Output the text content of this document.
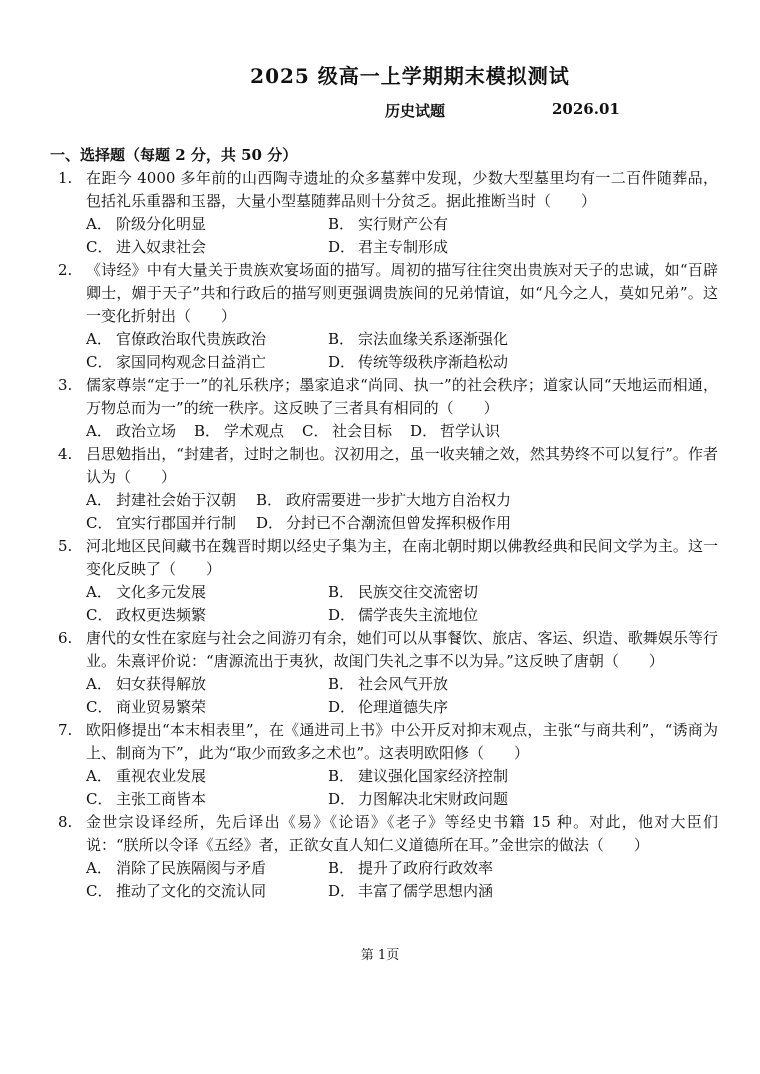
2025 级高一上学期期末模拟测试
历史试题	2026.01
一、选择题（每题 2 分，共 50 分）
1. 在距今 4000 多年前的山西陶寺遗址的众多墓葬中发现，少数大型墓里均有一二百件随葬品，包括礼乐重器和玉器，大量小型墓随葬品则十分贫乏。据此推断当时（　　）
A． 阶级分化明显	B． 实行财产公有
C． 进入奴隶社会	D． 君主专制形成
2. 《诗经》中有大量关于贵族欢宴场面的描写。周初的描写往往突出贵族对天子的忠诚，如“百辟卿士，媚于天子”共和行政后的描写则更强调贵族间的兄弟情谊，如“凡今之人，莫如兄弟”。这一变化折射出（　　）
A． 官僚政治取代贵族政治	B． 宗法血缘关系逐渐强化
C． 家国同构观念日益消亡	D． 传统等级秩序渐趋松动
3. 儒家尊崇“定于一”的礼乐秩序；墨家追求“尚同、执一”的社会秩序；道家认同“天地运而相通，万物总而为一”的统一秩序。这反映了三者具有相同的（　　）
A． 政治立场 B． 学术观点 C． 社会目标 D． 哲学认识
4. 吕思勉指出，“封建者，过时之制也。汉初用之，虽一收夹辅之效，然其势终不可以复行”。作者认为（　　）
A． 封建社会始于汉朝 B． 政府需要进一步扩大地方自治权力
C． 宜实行郡国并行制 D． 分封已不合潮流但曾发挥积极作用
5. 河北地区民间藏书在魏晋时期以经史子集为主，在南北朝时期以佛教经典和民间文学为主。这一变化反映了（　　）
A． 文化多元发展	B． 民族交往交流密切
C． 政权更迭频繁	D． 儒学丧失主流地位
6. 唐代的女性在家庭与社会之间游刃有余，她们可以从事餐饮、旅店、客运、织造、歌舞娱乐等行业。朱熹评价说：“唐源流出于夷狄，故闺门失礼之事不以为异。”这反映了唐朝（　　）
A． 妇女获得解放	B． 社会风气开放
C． 商业贸易繁荣	D． 伦理道德失序
7. 欧阳修提出“本末相表里”，在《通进司上书》中公开反对抑末观点，主张“与商共利”，“诱商为上、制商为下”，此为“取少而致多之术也”。这表明欧阳修（　　）
A． 重视农业发展	B． 建议强化国家经济控制
C． 主张工商皆本	D． 力图解决北宋财政问题
8. 金世宗设译经所，先后译出《易》《论语》《老子》等经史书籍 15 种。对此，他对大臣们说：“朕所以令译《五经》者，正欲女直人知仁义道德所在耳。”金世宗的做法（　　）
A． 消除了民族隔阂与矛盾	B． 提升了政府行政效率
C． 推动了文化的交流认同	D． 丰富了儒学思想内涵
第 1页
